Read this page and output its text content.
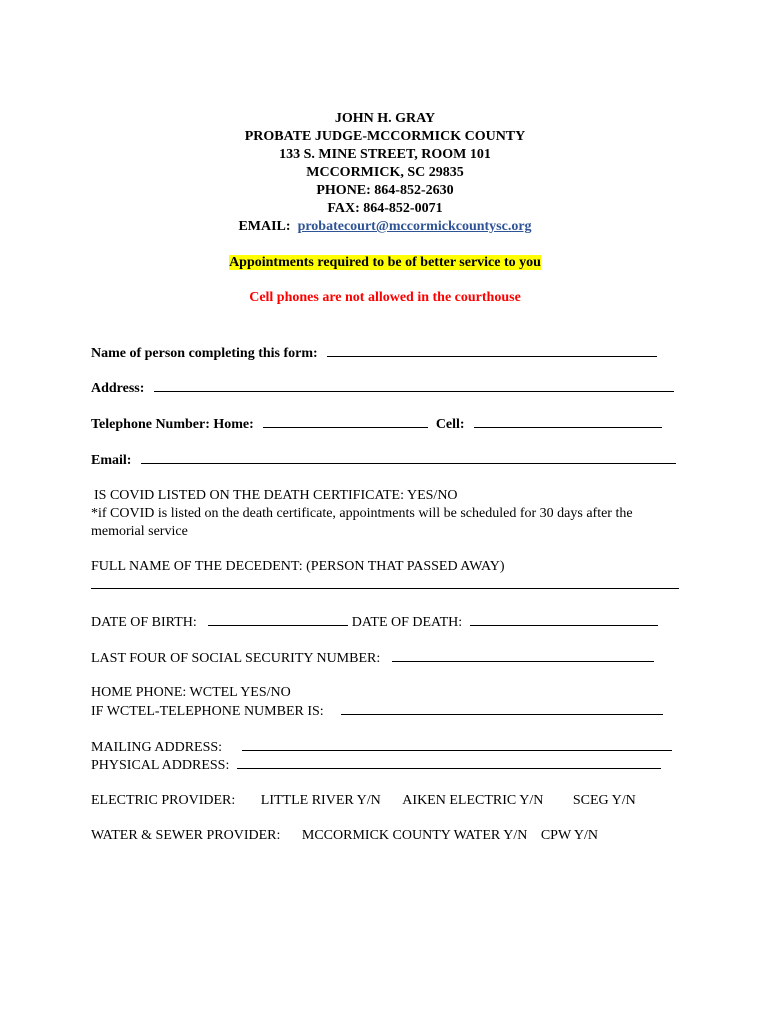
JOHN H. GRAY
PROBATE JUDGE-MCCORMICK COUNTY
133 S. MINE STREET, ROOM 101
MCCORMICK, SC 29835
PHONE: 864-852-2630
FAX: 864-852-0071
EMAIL: probatecourt@mccormickcountysc.org
Appointments required to be of better service to you
Cell phones are not allowed in the courthouse
Name of person completing this form:
Address:
Telephone Number: Home:	Cell:
Email:
IS COVID LISTED ON THE DEATH CERTIFICATE: YES/NO
*if COVID is listed on the death certificate, appointments will be scheduled for 30 days after the memorial service
FULL NAME OF THE DECEDENT: (PERSON THAT PASSED AWAY)
DATE OF BIRTH:	DATE OF DEATH:
LAST FOUR OF SOCIAL SECURITY NUMBER:
HOME PHONE: WCTEL YES/NO
IF WCTEL-TELEPHONE NUMBER IS:
MAILING ADDRESS:
PHYSICAL ADDRESS:
ELECTRIC PROVIDER: LITTLE RIVER Y/N AIKEN ELECTRIC Y/N SCEG Y/N
WATER & SEWER PROVIDER: MCCORMICK COUNTY WATER Y/N CPW Y/N
